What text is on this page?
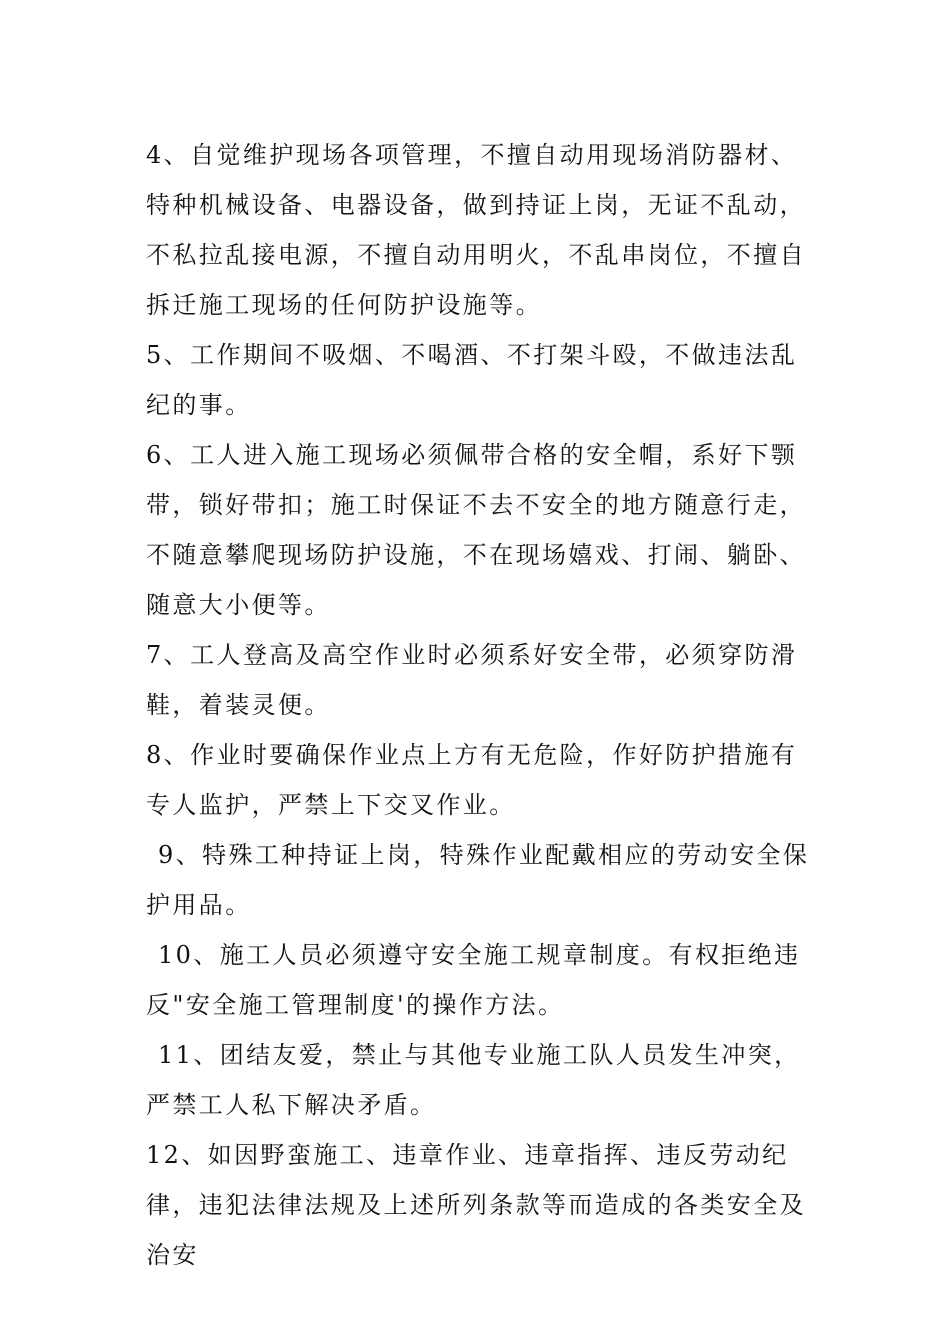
4、自觉维护现场各项管理，不擅自动用现场消防器材、特种机械设备、电器设备，做到持证上岗，无证不乱动，不私拉乱接电源，不擅自动用明火，不乱串岗位，不擅自拆迁施工现场的任何防护设施等。

5、工作期间不吸烟、不喝酒、不打架斗殴，不做违法乱纪的事。

6、工人进入施工现场必须佩带合格的安全帽，系好下颚带，锁好带扣；施工时保证不去不安全的地方随意行走，不随意攀爬现场防护设施，不在现场嬉戏、打闹、躺卧、随意大小便等。

7、工人登高及高空作业时必须系好安全带，必须穿防滑鞋，着装灵便。

8、作业时要确保作业点上方有无危险，作好防护措施有专人监护，严禁上下交叉作业。

9、特殊工种持证上岗，特殊作业配戴相应的劳动安全保护用品。

10、施工人员必须遵守安全施工规章制度。有权拒绝违反"安全施工管理制度'的操作方法。

11、团结友爱，禁止与其他专业施工队人员发生冲突，严禁工人私下解决矛盾。

12、如因野蛮施工、违章作业、违章指挥、违反劳动纪律，违犯法律法规及上述所列条款等而造成的各类安全及治安
